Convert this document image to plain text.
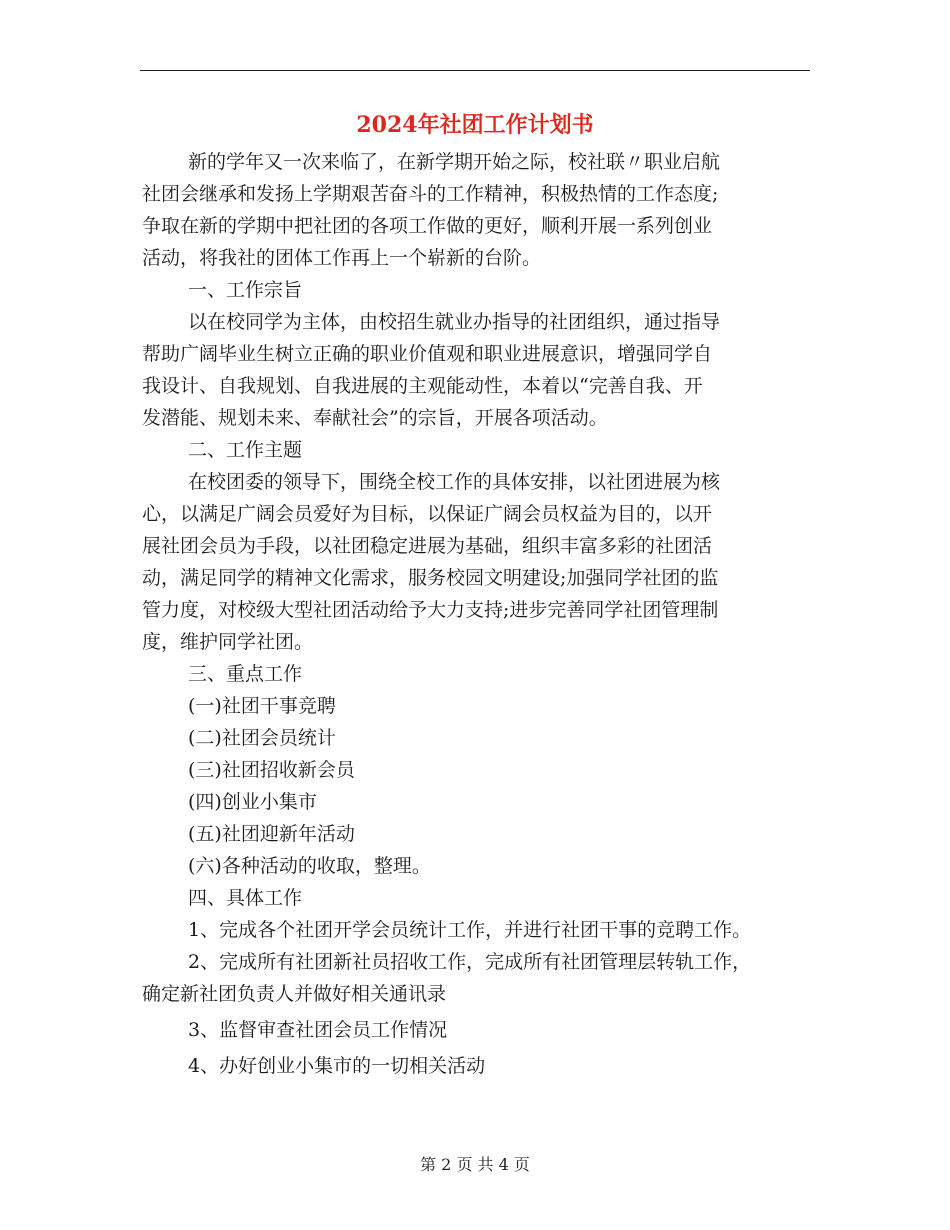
2024年社团工作计划书
新的学年又一次来临了，在新学期开始之际，校社联〃职业启航
社团会继承和发扬上学期艰苦奋斗的工作精神，积极热情的工作态度;
争取在新的学期中把社团的各项工作做的更好，顺利开展一系列创业
活动，将我社的团体工作再上一个崭新的台阶。
一、工作宗旨
以在校同学为主体，由校招生就业办指导的社团组织，通过指导
帮助广阔毕业生树立正确的职业价值观和职业进展意识，增强同学自
我设计、自我规划、自我进展的主观能动性，本着以“完善自我、开
发潜能、规划未来、奉献社会”的宗旨，开展各项活动。
二、工作主题
在校团委的领导下，围绕全校工作的具体安排，以社团进展为核
心，以满足广阔会员爱好为目标，以保证广阔会员权益为目的，以开
展社团会员为手段，以社团稳定进展为基础，组织丰富多彩的社团活
动，满足同学的精神文化需求，服务校园文明建设;加强同学社团的监
管力度，对校级大型社团活动给予大力支持;进步完善同学社团管理制
度，维护同学社团。
三、重点工作
(一)社团干事竞聘
(二)社团会员统计
(三)社团招收新会员
(四)创业小集市
(五)社团迎新年活动
(六)各种活动的收取，整理。
四、具体工作
1、完成各个社团开学会员统计工作，并进行社团干事的竞聘工作。
2、完成所有社团新社员招收工作，完成所有社团管理层转轨工作，
确定新社团负责人并做好相关通讯录
3、监督审查社团会员工作情况
4、办好创业小集市的一切相关活动
第 2 页 共 4 页
